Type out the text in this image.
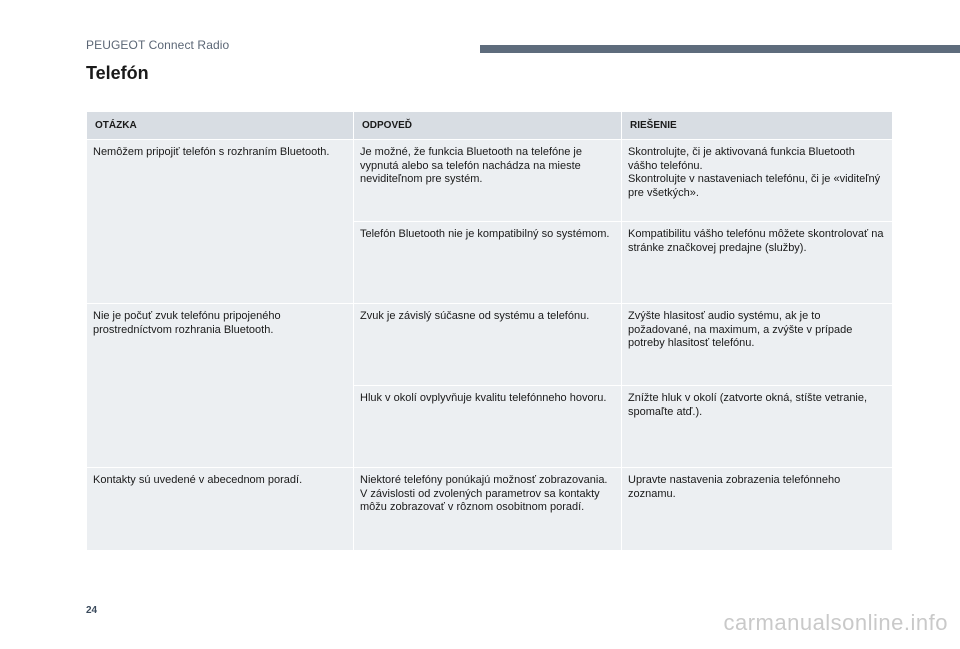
PEUGEOT Connect Radio
Telefón
OTÁZKA	ODPOVEĎ	RIEŠENIE
Nemôžem pripojiť telefón s rozhraním Bluetooth.	Je možné, že funkcia Bluetooth na telefóne je vypnutá alebo sa telefón nachádza na mieste neviditeľnom pre systém.	Skontrolujte, či je aktivovaná funkcia Bluetooth vášho telefónu.
Skontrolujte v nastaveniach telefónu, či je «viditeľný pre všetkých».

	Telefón Bluetooth nie je kompatibilný so systémom.	Kompatibilitu vášho telefónu môžete skontrolovať na stránke značkovej predajne (služby).

Nie je počuť zvuk telefónu pripojeného prostredníctvom rozhrania Bluetooth.	Zvuk je závislý súčasne od systému a telefónu.	Zvýšte hlasitosť audio systému, ak je to požadované, na maximum, a zvýšte v prípade potreby hlasitosť telefónu.

	Hluk v okolí ovplyvňuje kvalitu telefónneho hovoru.	Znížte hluk v okolí (zatvorte okná, stíšte vetranie, spomaľte atď.).

Kontakty sú uvedené v abecednom poradí.	Niektoré telefóny ponúkajú možnosť zobrazovania. V závislosti od zvolených parametrov sa kontakty môžu zobrazovať v rôznom osobitnom poradí.	Upravte nastavenia zobrazenia telefónneho zoznamu.
24	carmanualsonline.info
